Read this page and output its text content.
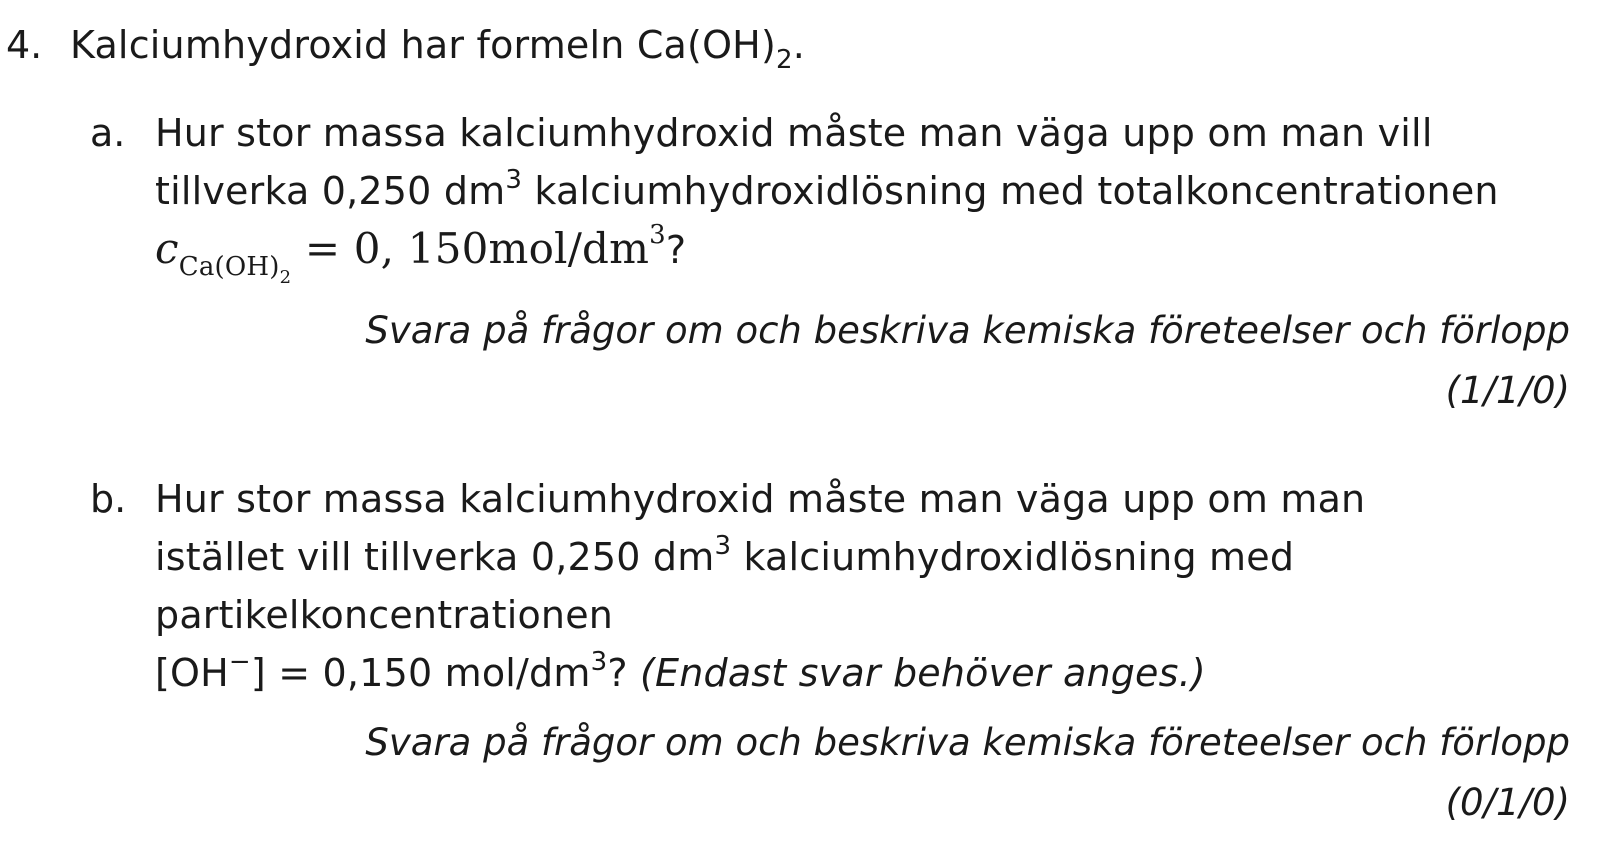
4. Kalciumhydroxid har formeln $Ca(OH)_2$.
a. Hur stor massa kalciumhydroxid måste man väga upp om man vill
tillverka 0,250 $dm^3$ kalciumhydroxidlösning med totalkoncentrationen
$c_{Ca(OH)_2} = 0$, $150mol/dm^3$?
Svara på frågor om och beskriva kemiska företeelser och förlopp
(1/1/0)
b. Hur stor massa kalciumhydroxid måste man väga upp om man
istället vill tillverka 0,250 $dm^3$ kalciumhydroxidlösning med
partikelkoncentrationen
[OH−] = 0,150 mol/$dm^3$? (Endast svar behöver anges.)
Svara på frågor om och beskriva kemiska företeelser och förlopp
(0/1/0)
